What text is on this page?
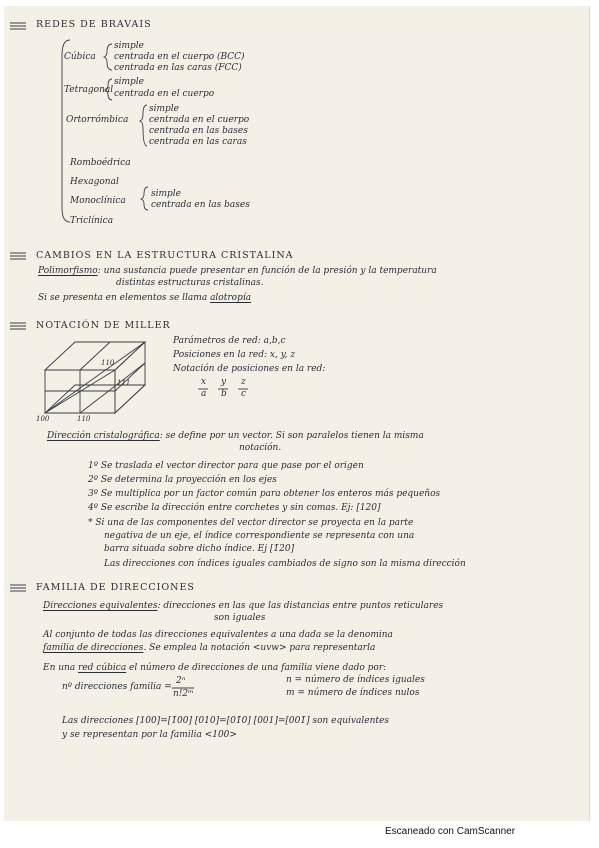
REDES DE BRAVAIS
Cúbica
simple
centrada en el cuerpo (BCC)
centrada en las caras (FCC)
Tetragonal
simple
centrada en el cuerpo
Ortorrómbica
simple
centrada en el cuerpo
centrada en las bases
centrada en las caras
Romboédrica
Hexagonal
Monoclínica
simple
centrada en las bases
Triclínica
CAMBIOS EN LA ESTRUCTURA CRISTALINA
Polimorfismo: una sustancia puede presentar en función de la presión y la temperatura
distintas estructuras cristalinas.
Si se presenta en elementos se llama alotropía
NOTACIÓN DE MILLER
Parámetros de red: a,b,c
Posiciones en la red: x, y, z
Notación de posiciones en la red:
x y z
a b c
110
111
100	110
Dirección cristalográfica: se define por un vector. Si son paralelos tienen la misma
notación.
1º Se traslada el vector director para que pase por el origen
2º Se determina la proyección en los ejes
3º Se multiplica por un factor común para obtener los enteros más pequeños
4º Se escribe la dirección entre corchetes y sin comas. Ej: [120]
* Si una de las componentes del vector director se proyecta en la parte
negativa de un eje, el índice correspondiente se representa con una
barra situada sobre dicho índice. Ej [1̄20]
Las direcciones con índices iguales cambiados de signo son la misma dirección
FAMILIA DE DIRECCIONES
Direcciones equivalentes: direcciones en las que las distancias entre puntos reticulares
son iguales
Al conjunto de todas las direcciones equivalentes a una dada se la denomina
familia de direcciones. Se emplea la notación <uvw> para representarla
En una red cúbica el número de direcciones de una familia viene dado por:
nº direcciones familia =
2ⁿ
n!2ᵐ
n = número de índices iguales
m = número de índices nulos
Las direcciones [100]=[1̄00] [010]=[01̄0] [001]=[001̄] son equivalentes
y se representan por la familia <100>
Escaneado con CamScanner
